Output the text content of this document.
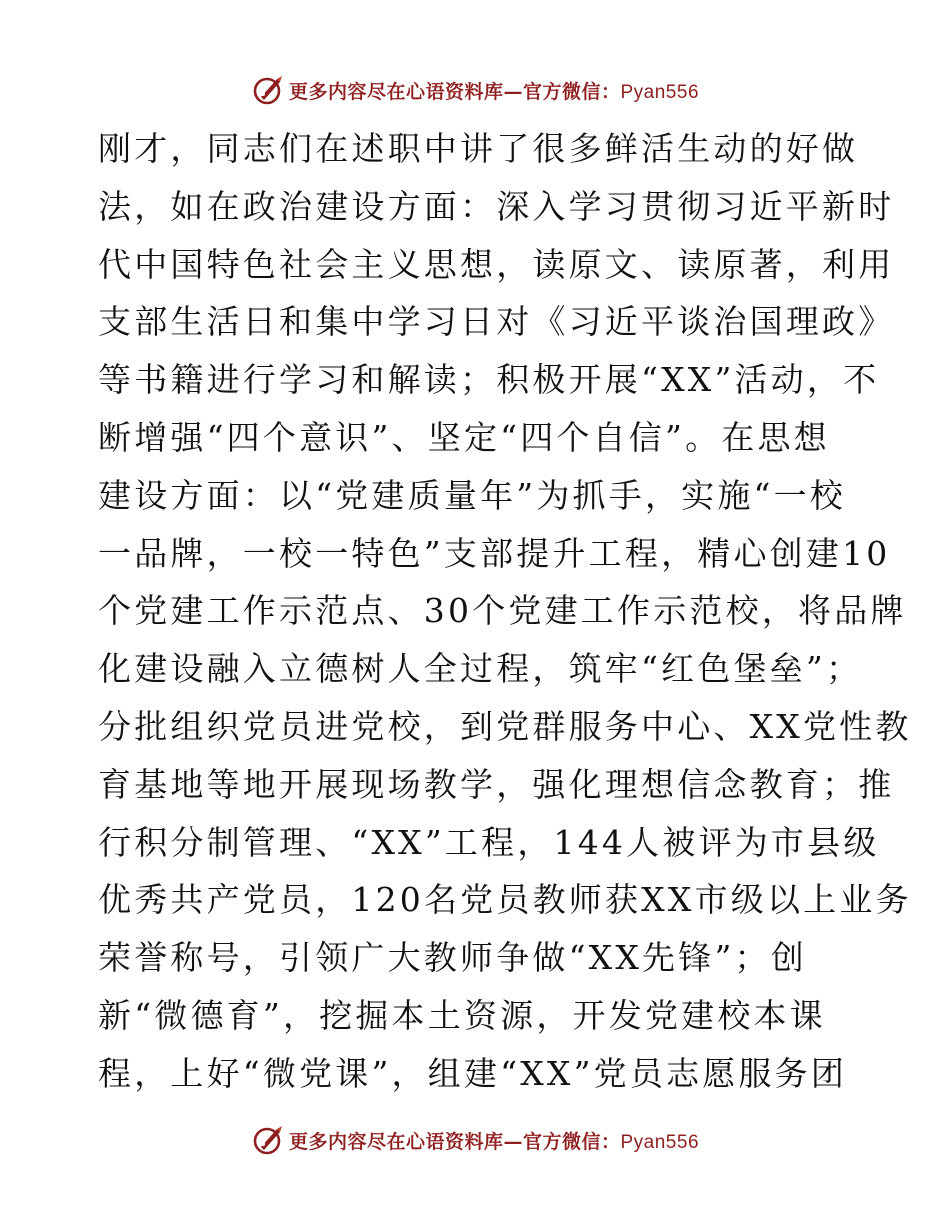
更多内容尽在心语资料库—官方微信：Pyan556
刚才，同志们在述职中讲了很多鲜活生动的好做
法，如在政治建设方面：深入学习贯彻习近平新时
代中国特色社会主义思想，读原文、读原著，利用
支部生活日和集中学习日对《习近平谈治国理政》
等书籍进行学习和解读；积极开展“XX”活动，不
断增强“四个意识”、坚定“四个自信”。在思想
建设方面：以“党建质量年”为抓手，实施“一校
一品牌，一校一特色”支部提升工程，精心创建10
个党建工作示范点、30个党建工作示范校，将品牌
化建设融入立德树人全过程，筑牢“红色堡垒”；
分批组织党员进党校，到党群服务中心、XX党性教
育基地等地开展现场教学，强化理想信念教育；推
行积分制管理、“XX”工程，144人被评为市县级
优秀共产党员，120名党员教师获XX市级以上业务
荣誉称号，引领广大教师争做“XX先锋”；创
新“微德育”，挖掘本土资源，开发党建校本课
程，上好“微党课”，组建“XX”党员志愿服务团
更多内容尽在心语资料库—官方微信：Pyan556
